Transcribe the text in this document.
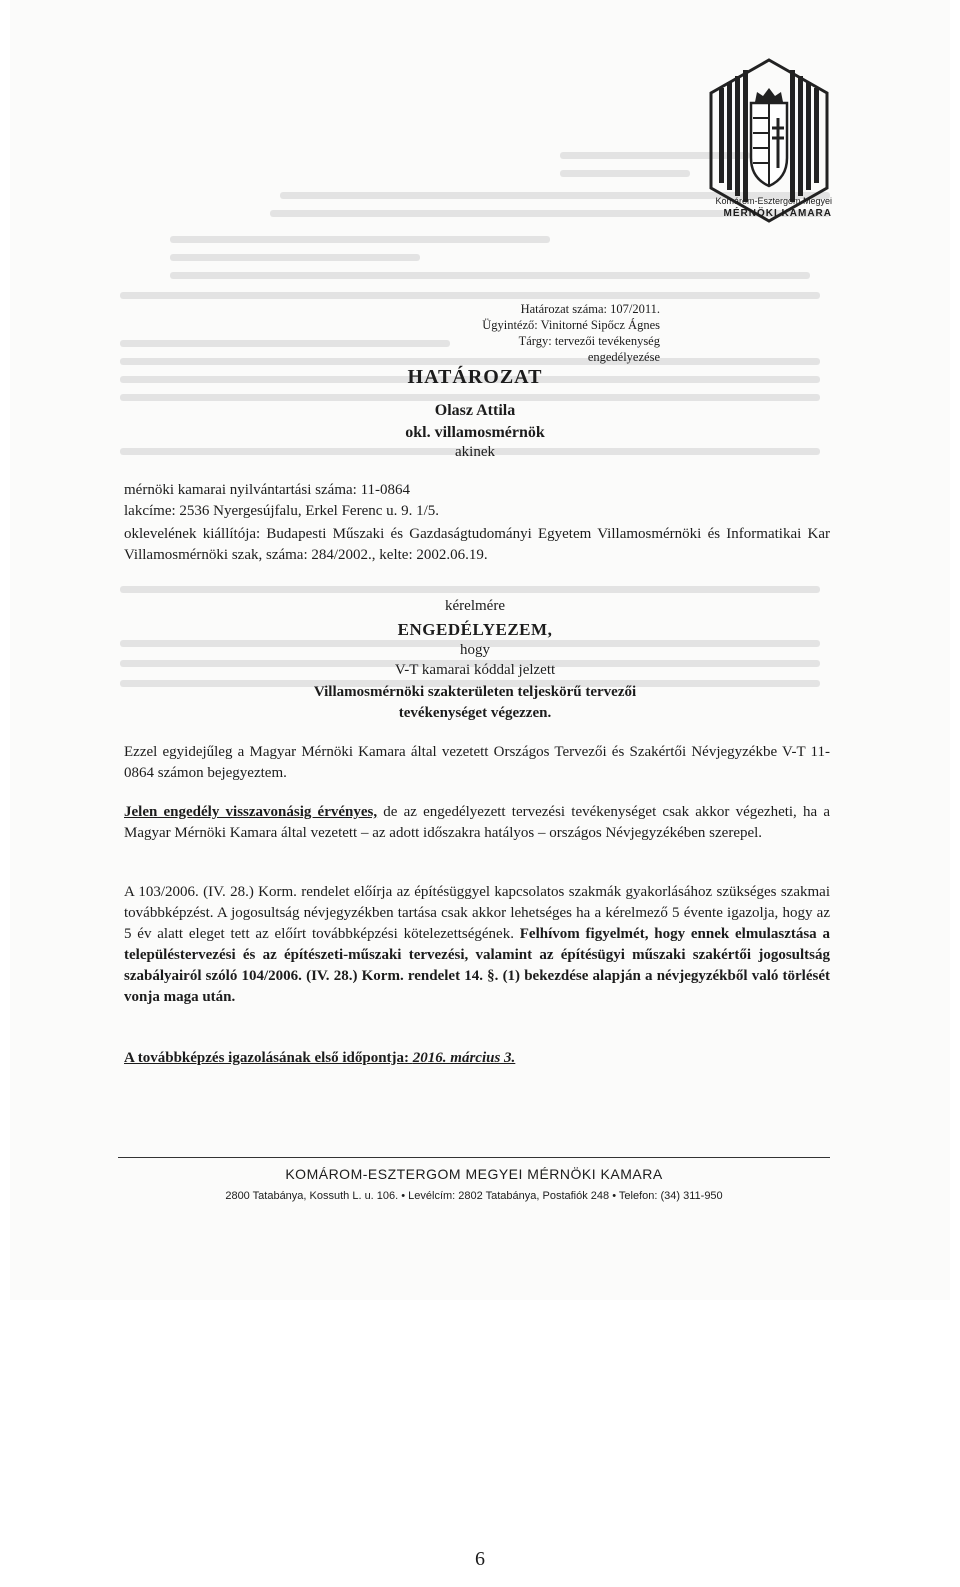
Komárom-Esztergom Megyei
MÉRNÖKI KAMARA
Határozat száma: 107/2011.
Ügyintéző: Vinitorné Sipőcz Ágnes
Tárgy: tervezői tevékenység
engedélyezése
HATÁROZAT
Olasz Attila
okl. villamosmérnök
akinek
mérnöki kamarai nyilvántartási száma: 11-0864
lakcíme: 2536 Nyergesújfalu, Erkel Ferenc u. 9. 1/5.
oklevelének kiállítója: Budapesti Műszaki és Gazdaságtudományi Egyetem Villamosmérnöki és Informatikai Kar Villamosmérnöki szak, száma: 284/2002., kelte: 2002.06.19.
kérelmére
ENGEDÉLYEZEM,
hogy
V-T kamarai kóddal jelzett
Villamosmérnöki szakterületen teljeskörű tervezői
tevékenységet végezzen.
Ezzel egyidejűleg a Magyar Mérnöki Kamara által vezetett Országos Tervezői és Szakértői Névjegyzékbe V-T 11-0864 számon bejegyeztem.
Jelen engedély visszavonásig érvényes, de az engedélyezett tervezési tevékenységet csak akkor végezheti, ha a Magyar Mérnöki Kamara által vezetett – az adott időszakra hatályos – országos Névjegyzékében szerepel.
A 103/2006. (IV. 28.) Korm. rendelet előírja az építésüggyel kapcsolatos szakmák gyakorlásához szükséges szakmai továbbképzést. A jogosultság névjegyzékben tartása csak akkor lehetséges ha a kérelmező 5 évente igazolja, hogy az 5 év alatt eleget tett az előírt továbbképzési kötelezettségének. Felhívom figyelmét, hogy ennek elmulasztása a településtervezési és az építészeti-műszaki tervezési, valamint az építésügyi műszaki szakértői jogosultság szabályairól szóló 104/2006. (IV. 28.) Korm. rendelet 14. §. (1) bekezdése alapján a névjegyzékből való törlését vonja maga után.
A továbbképzés igazolásának első időpontja: 2016. március 3.
KOMÁROM-ESZTERGOM MEGYEI MÉRNÖKI KAMARA
2800 Tatabánya, Kossuth L. u. 106. • Levélcím: 2802 Tatabánya, Postafiók 248 • Telefon: (34) 311-950
6
